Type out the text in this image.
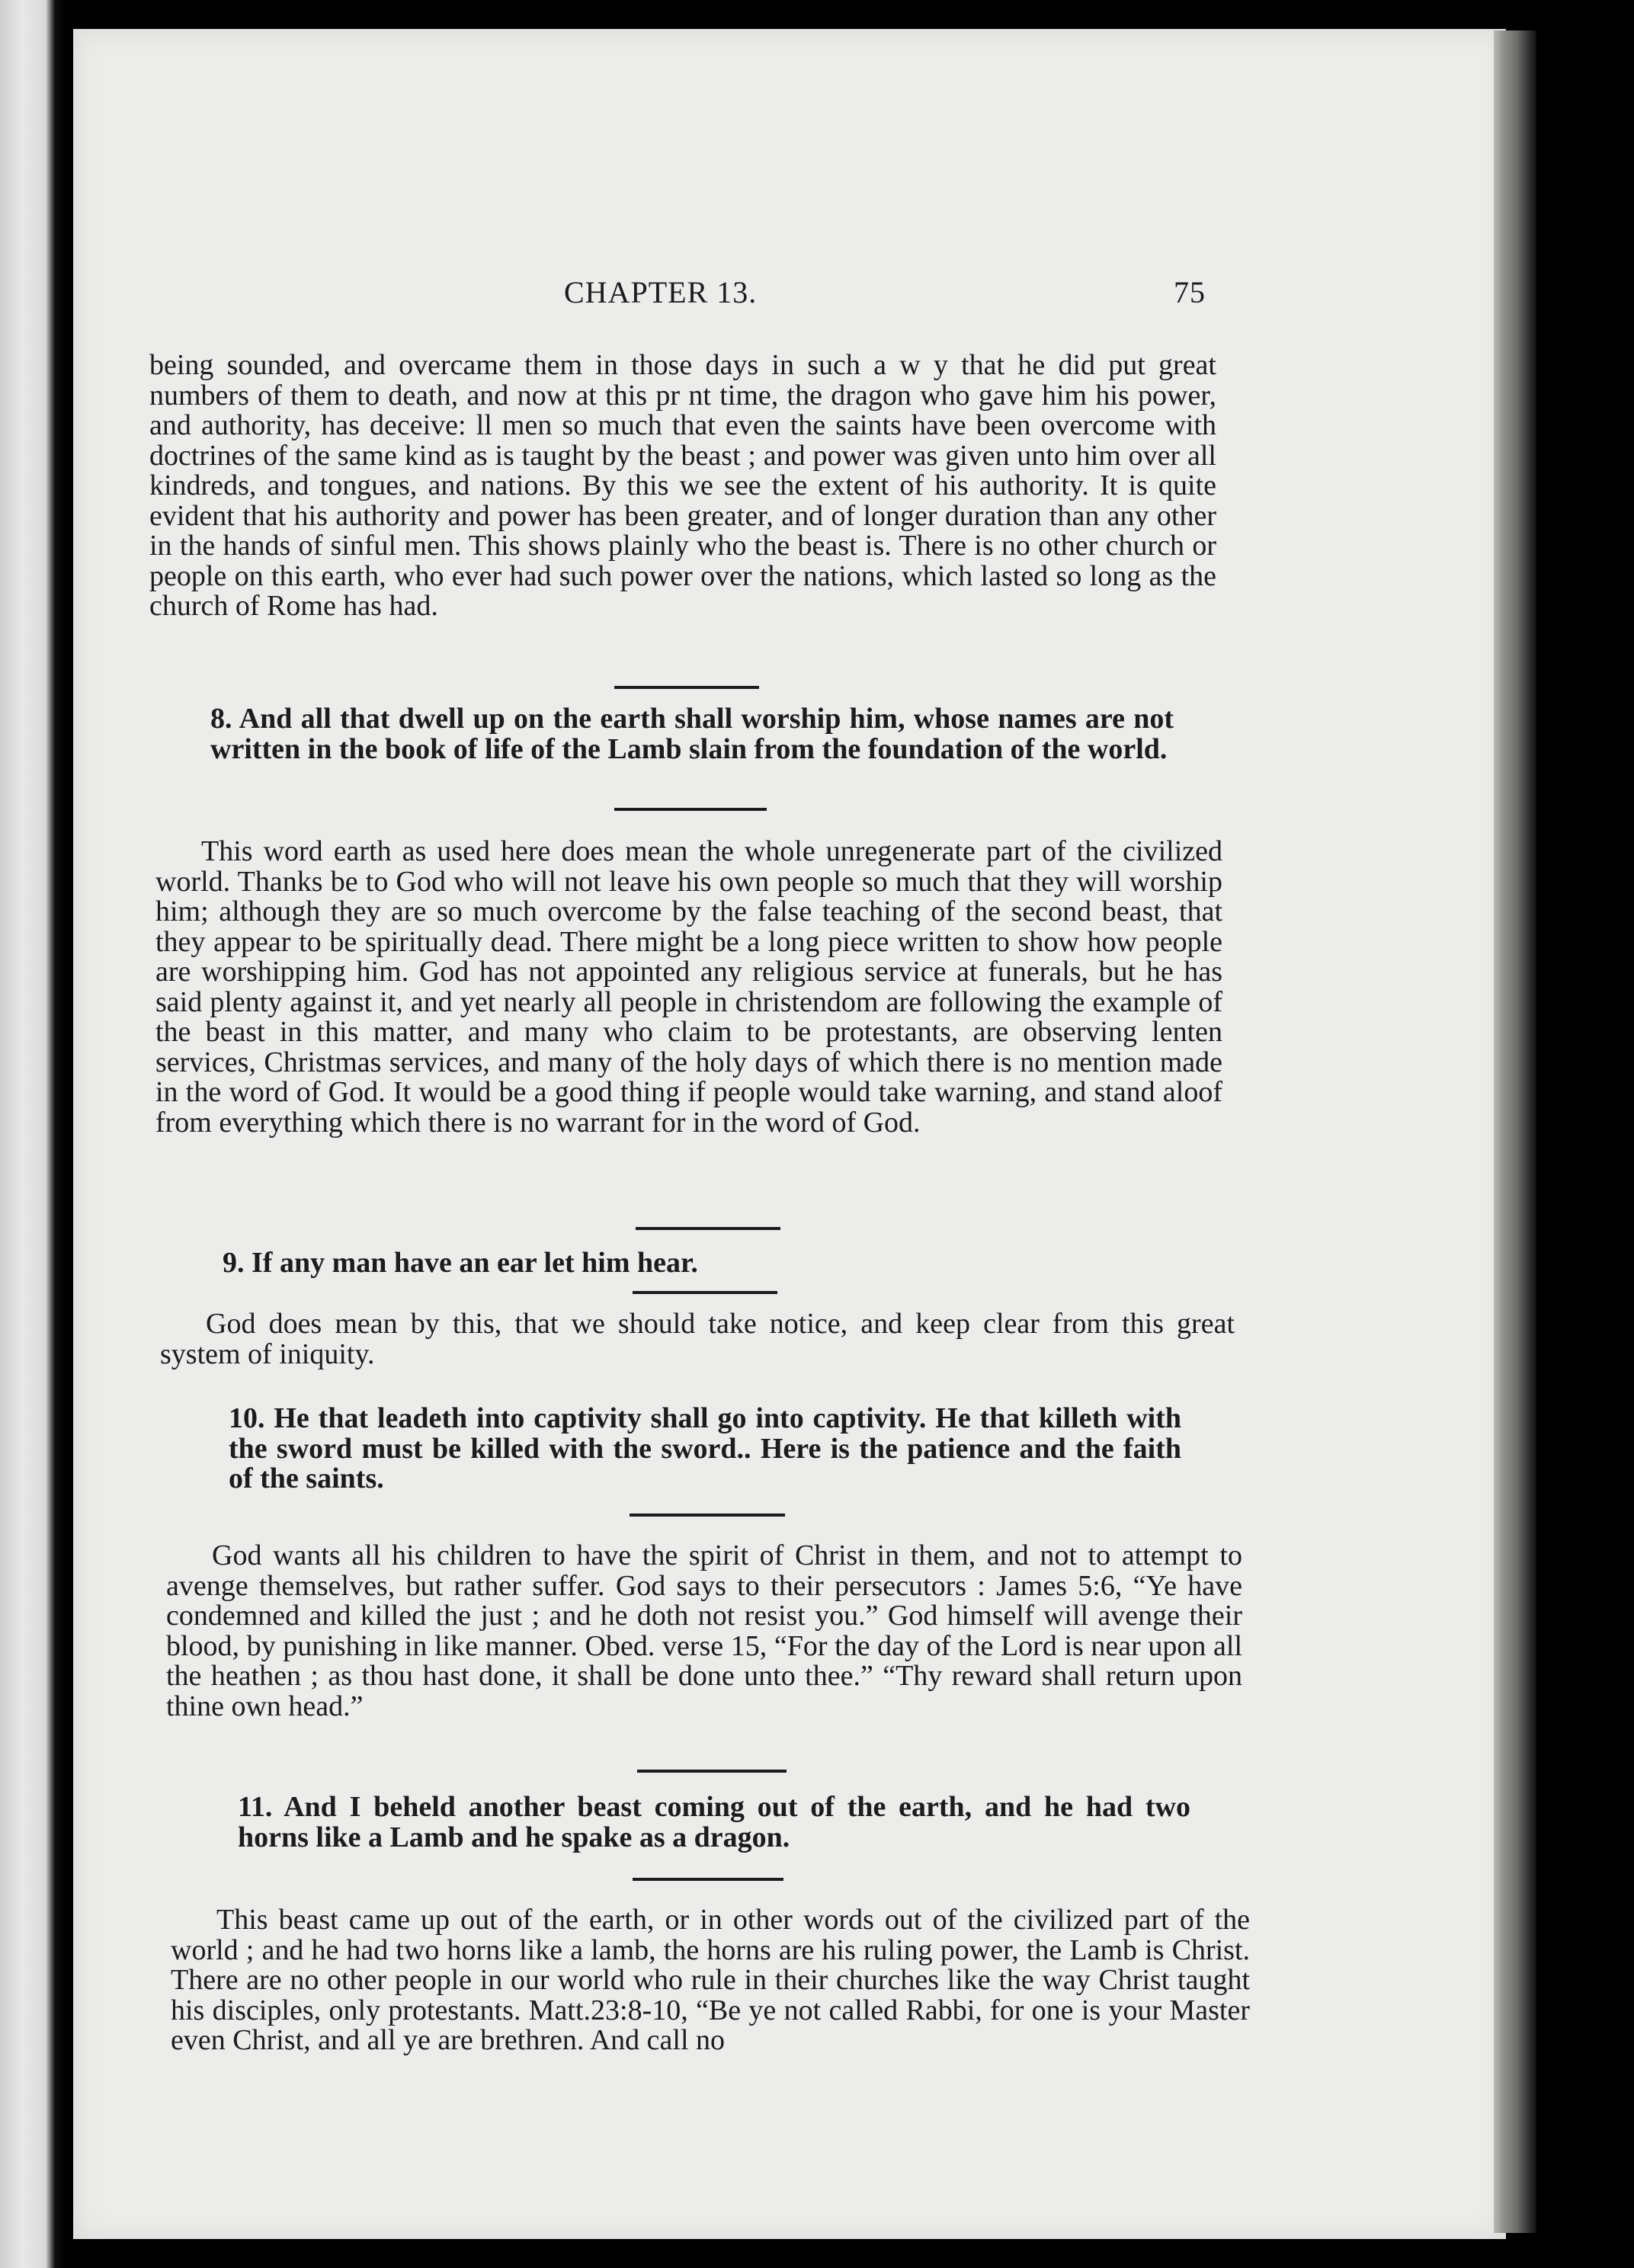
CHAPTER 13.	75

being sounded, and overcame them in those days in such a w y that he did put great numbers of them to death, and now at this pr nt time, the dragon who gave him his power, and authority, has deceive: ll men so much that even the saints have been overcome with doctrines of the same kind as is taught by the beast ; and power was given unto him over all kindreds, and tongues, and nations. By this we see the extent of his authority. It is quite evident that his authority and power has been greater, and of longer duration than any other in the hands of sinful men. This shows plainly who the beast is. There is no other church or people on this earth, who ever had such power over the nations, which lasted so long as the church of Rome has had.

8. And all that dwell up on the earth shall worship him, whose names are not written in the book of life of the Lamb slain from the foundation of the world.

This word earth as used here does mean the whole unregenerate part of the civilized world. Thanks be to God who will not leave his own people so much that they will worship him; although they are so much overcome by the false teaching of the second beast, that they appear to be spiritually dead. There might be a long piece written to show how people are worshipping him. God has not appointed any religious service at funerals, but he has said plenty against it, and yet nearly all people in christendom are following the example of the beast in this matter, and many who claim to be protestants, are observing lenten services, Christmas services, and many of the holy days of which there is no mention made in the word of God. It would be a good thing if people would take warning, and stand aloof from everything which there is no warrant for in the word of God.

9. If any man have an ear let him hear.

God does mean by this, that we should take notice, and keep clear from this great system of iniquity.

10. He that leadeth into captivity shall go into captivity. He that killeth with the sword must be killed with the sword.. Here is the patience and the faith of the saints.

God wants all his children to have the spirit of Christ in them, and not to attempt to avenge themselves, but rather suffer. God says to their persecutors : James 5:6, “Ye have condemned and killed the just ; and he doth not resist you.” God himself will avenge their blood, by punishing in like manner. Obed. verse 15, “For the day of the Lord is near upon all the heathen ; as thou hast done, it shall be done unto thee.” “Thy reward shall return upon thine own head.”

11. And I beheld another beast coming out of the earth, and he had two horns like a Lamb and he spake as a dragon.

This beast came up out of the earth, or in other words out of the civilized part of the world ; and he had two horns like a lamb, the horns are his ruling power, the Lamb is Christ. There are no other people in our world who rule in their churches like the way Christ taught his disciples, only protestants. Matt.23:8-10, “Be ye not called Rabbi, for one is your Master even Christ, and all ye are brethren. And call no
